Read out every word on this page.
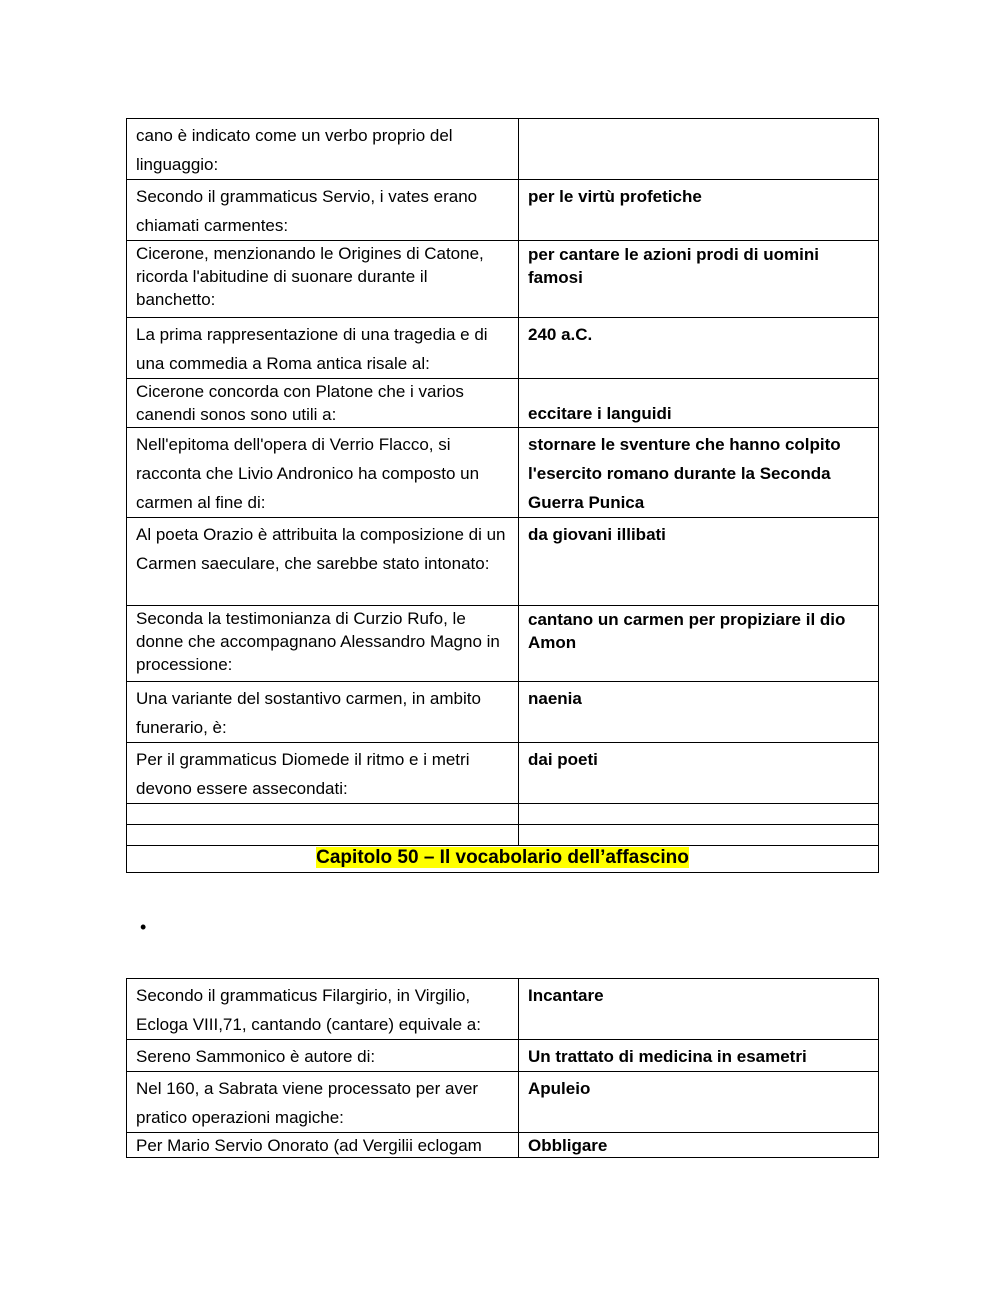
cano è indicato come un verbo proprio del linguaggio:	
Secondo il grammaticus Servio, i vates erano chiamati carmentes:	per le virtù profetiche
Cicerone, menzionando le Origines di Catone, ricorda l'abitudine di suonare durante il banchetto:	per cantare le azioni prodi di uomini famosi
La prima rappresentazione di una tragedia e di una commedia a Roma antica risale al:	240 a.C.
Cicerone concorda con Platone che i varios canendi sonos sono utili a:	eccitare i languidi
Nell'epitoma dell'opera di Verrio Flacco, si racconta che Livio Andronico ha composto un carmen al fine di:	stornare le sventure che hanno colpito l'esercito romano durante la Seconda Guerra Punica
Al poeta Orazio è attribuita la composizione di un Carmen saeculare, che sarebbe stato intonato:	da giovani illibati
Seconda la testimonianza di Curzio Rufo, le donne che accompagnano Alessandro Magno in processione:	cantano un carmen per propiziare il dio Amon
Una variante del sostantivo carmen, in ambito funerario, è:	naenia
Per il grammaticus Diomede il ritmo e i metri devono essere assecondati:	dai poeti

Capitolo 50 – Il vocabolario dell’affascino	
•
Secondo il grammaticus Filargirio, in Virgilio, Ecloga VIII,71, cantando (cantare) equivale a:	Incantare
Sereno Sammonico è autore di:	Un trattato di medicina in esametri
Nel 160, a Sabrata viene processato per aver pratico operazioni magiche:	Apuleio
Per Mario Servio Onorato (ad Vergilii eclogam	Obbligare
